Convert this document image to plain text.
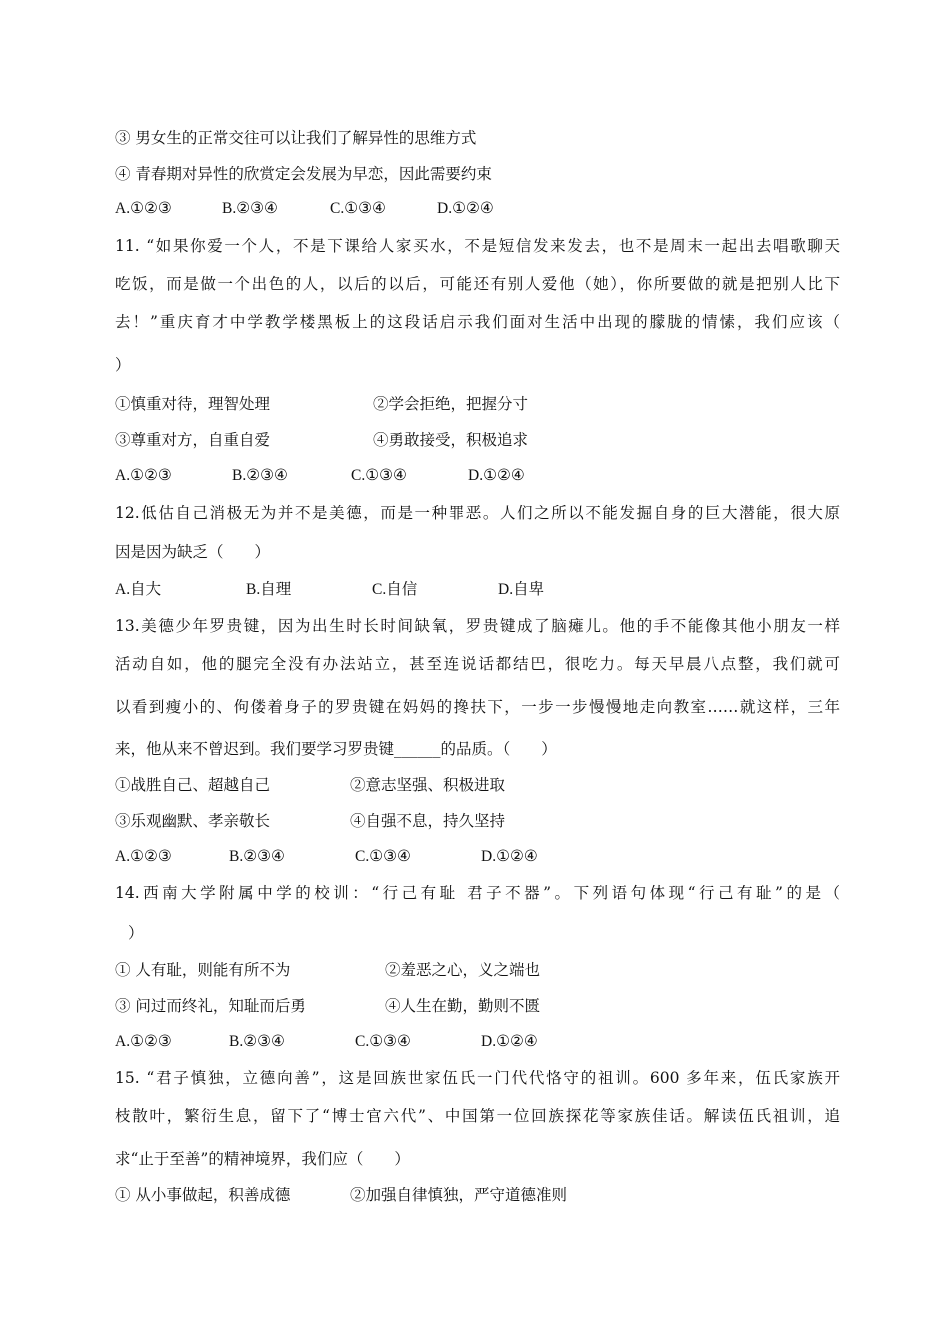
③ 男女生的正常交往可以让我们了解异性的思维方式
④ 青春期对异性的欣赏定会发展为早恋，因此需要约束
A.①②③	B.②③④	C.①③④	D.①②④
11. “如果你爱一个人，不是下课给人家买水，不是短信发来发去，也不是周末一起出去唱歌聊天
吃饭，而是做一个出色的人，以后的以后，可能还有别人爱他（她），你所要做的就是把别人比下
去！”重庆育才中学教学楼黑板上的这段话启示我们面对生活中出现的朦胧的情愫，我们应该（
）
①慎重对待，理智处理	②学会拒绝，把握分寸
③尊重对方，自重自爱	④勇敢接受，积极追求
A.①②③	B.②③④	C.①③④	D.①②④
12.低估自己消极无为并不是美德，而是一种罪恶。人们之所以不能发掘自身的巨大潜能，很大原
因是因为缺乏（　　）
A.自大	B.自理	C.自信	D.自卑
13.美德少年罗贵键，因为出生时长时间缺氧，罗贵键成了脑瘫儿。他的手不能像其他小朋友一样
活动自如，他的腿完全没有办法站立，甚至连说话都结巴，很吃力。每天早晨八点整，我们就可
以看到瘦小的、佝偻着身子的罗贵键在妈妈的搀扶下，一步一步慢慢地走向教室……就这样，三年
来，他从来不曾迟到。我们要学习罗贵键______的品质。（　　）
①战胜自己、超越自己	②意志坚强、积极进取
③乐观幽默、孝亲敬长	④自强不息，持久坚持
A.①②③	B.②③④	C.①③④	D.①②④
14.西南大学附属中学的校训：“行己有耻 君子不器”。下列语句体现“行己有耻”的是（
）
① 人有耻，则能有所不为	②羞恶之心，义之端也
③ 问过而终礼，知耻而后勇	④人生在勤，勤则不匮
A.①②③	B.②③④	C.①③④	D.①②④
15. “君子慎独，立德向善”，这是回族世家伍氏一门代代恪守的祖训。600 多年来，伍氏家族开
枝散叶，繁衍生息，留下了“博士官六代”、中国第一位回族探花等家族佳话。解读伍氏祖训，追
求“止于至善”的精神境界，我们应（　　）
① 从小事做起，积善成德	②加强自律慎独，严守道德准则
